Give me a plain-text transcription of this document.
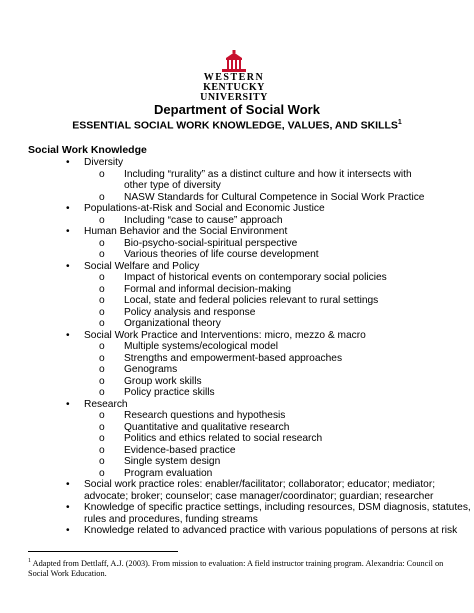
WESTERN
KENTUCKY
UNIVERSITY
Department of Social Work
ESSENTIAL SOCIAL WORK KNOWLEDGE, VALUES, AND SKILLS$^1$
Social Work Knowledge
• Diversity
o Including “rurality” as a distinct culture and how it intersects with other type of diversity
o NASW Standards for Cultural Competence in Social Work Practice
• Populations-at-Risk and Social and Economic Justice
o Including “case to cause” approach
• Human Behavior and the Social Environment
o Bio-psycho-social-spiritual perspective
o Various theories of life course development
• Social Welfare and Policy
o Impact of historical events on contemporary social policies
o Formal and informal decision-making
o Local, state and federal policies relevant to rural settings
o Policy analysis and response
o Organizational theory
• Social Work Practice and Interventions: micro, mezzo & macro
o Multiple systems/ecological model
o Strengths and empowerment-based approaches
o Genograms
o Group work skills
o Policy practice skills
• Research
o Research questions and hypothesis
o Quantitative and qualitative research
o Politics and ethics related to social research
o Evidence-based practice
o Single system design
o Program evaluation
• Social work practice roles: enabler/facilitator; collaborator; educator; mediator; advocate; broker; counselor; case manager/coordinator; guardian; researcher
• Knowledge of specific practice settings, including resources, DSM diagnosis, statutes, rules and procedures, funding streams
• Knowledge related to advanced practice with various populations of persons at risk
$^1$ Adapted from Dettlaff, A.J. (2003). From mission to evaluation: A field instructor training program. Alexandria: Council on Social Work Education.
